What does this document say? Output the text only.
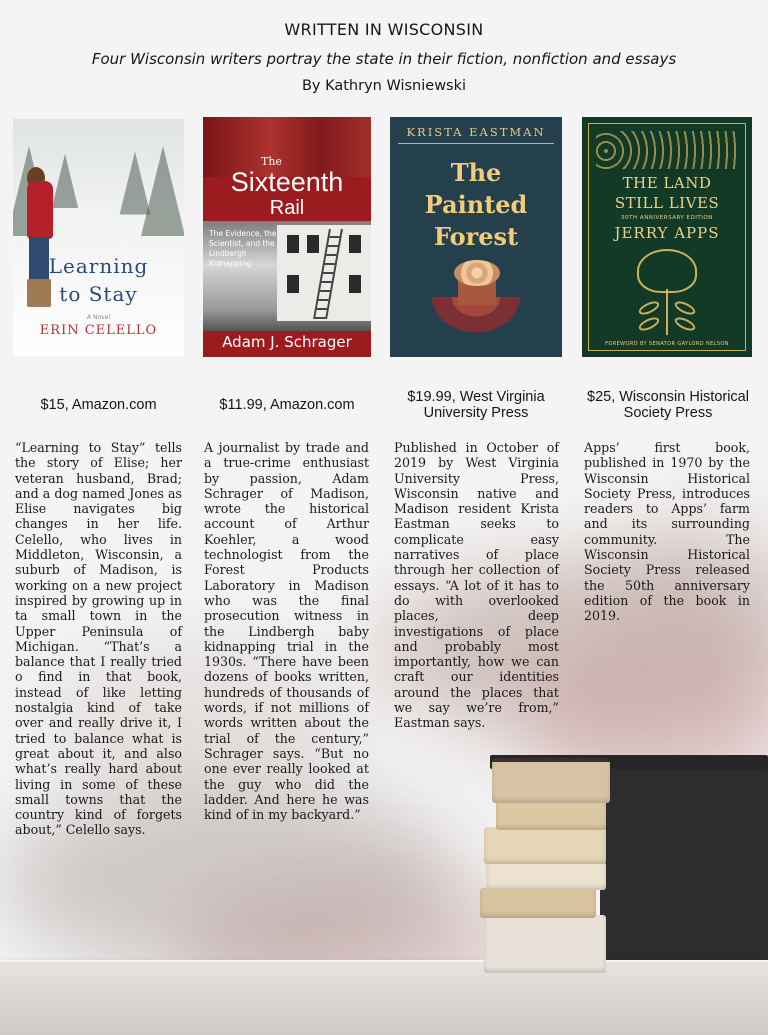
WRITTEN IN WISCONSIN
Four Wisconsin writers portray the state in their fiction, nonfiction and essays
By Kathryn Wisniewski
Learning
to Stay
A Novel
ERIN CELELLO
The
Sixteenth
Rail
The Evidence, the Scientist, and the Lindbergh Kidnapping
Adam J. Schrager
KRISTA EASTMAN
The
Painted
Forest
THE LAND
STILL LIVES
50TH ANNIVERSARY EDITION
JERRY APPS
FOREWORD BY SENATOR GAYLORD NELSON
$15, Amazon.com	$11.99, Amazon.com	$19.99, West Virginia University Press
$25, Wisconsin Historical Society Press
“Learning to Stay” tells the story of Elise; her veteran husband, Brad; and a dog named Jones as Elise navigates big changes in her life. Celello, who lives in Middleton, Wisconsin, a suburb of Madison, is working on a new project inspired by growing up in ta small town in the Upper Peninsula of Michigan. “That’s a balance that I really tried o find in that book, instead of like letting nostalgia kind of take over and really drive it, I tried to balance what is great about it, and also what’s really hard about living in some of these small towns that the country kind of forgets about,” Celello says.
A journalist by trade and a true-crime enthusiast by passion, Adam Schrager of Madison, wrote the historical account of Arthur Koehler, a wood technologist from the Forest Products Laboratory in Madison who was the final prosecution witness in the Lindbergh baby kidnapping trial in the 1930s. “There have been dozens of books written, hundreds of thousands of words, if not millions of words written about the trial of the century,” Schrager says. “But no one ever really looked at the guy who did the ladder. And here he was kind of in my backyard.”
Published in October of 2019 by West Virginia University Press, Wisconsin native and Madison resident Krista Eastman seeks to complicate easy narratives of place through her collection of essays. “A lot of it has to do with overlooked places, deep investigations of place and probably most importantly, how we can craft our identities around the places that we say we’re from,” Eastman says.
Apps’ first book, published in 1970 by the Wisconsin Historical Society Press, introduces readers to Apps’ farm and its surrounding community. The Wisconsin Historical Society Press released the 50th anniversary edition of the book in 2019.
